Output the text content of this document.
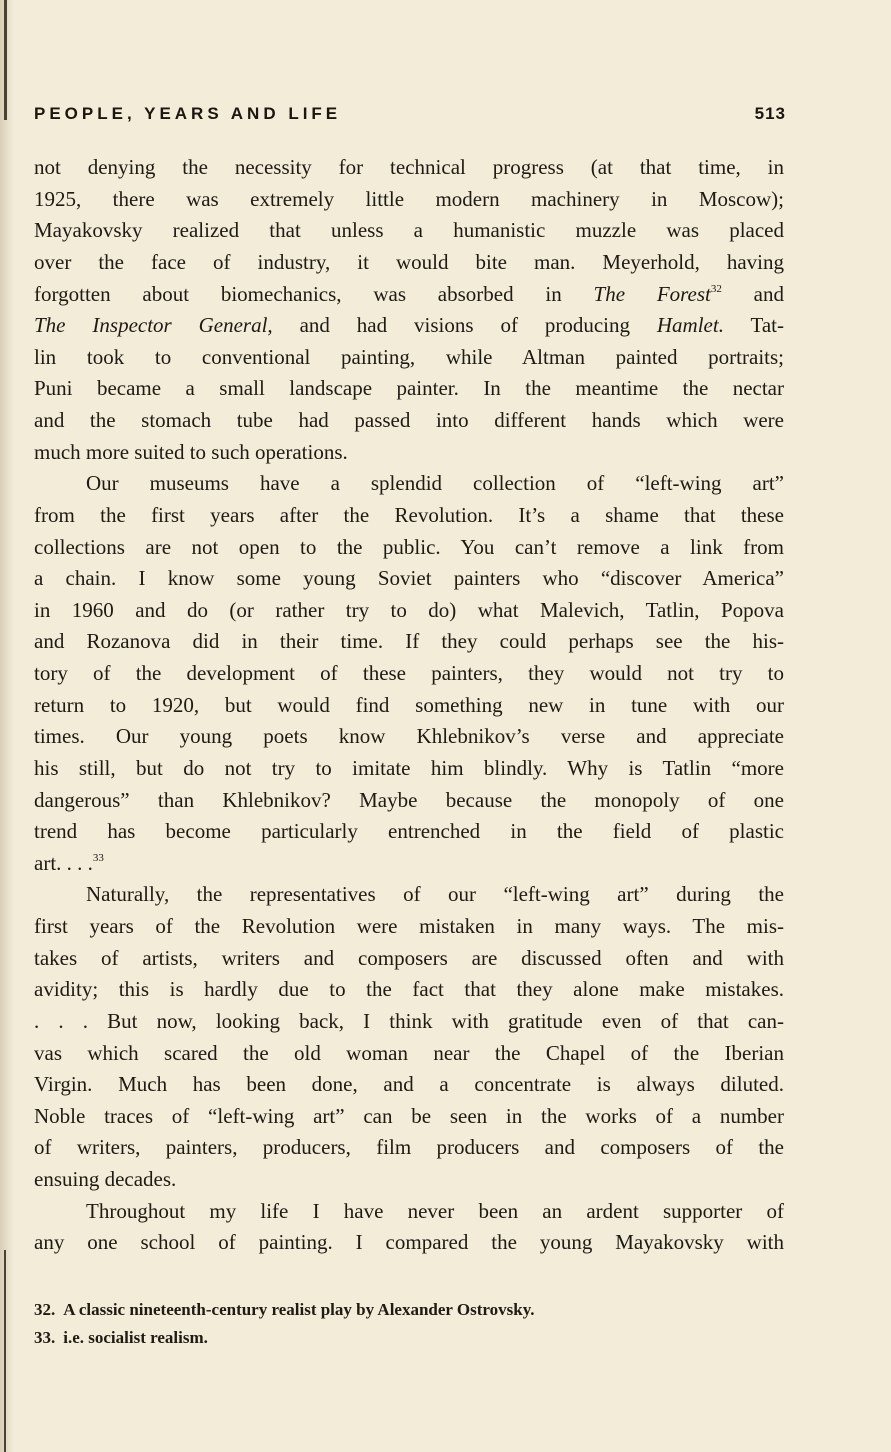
PEOPLE, YEARS AND LIFE	513
not denying the necessity for technical progress (at that time, in
1925, there was extremely little modern machinery in Moscow);
Mayakovsky realized that unless a humanistic muzzle was placed
over the face of industry, it would bite man. Meyerhold, having
forgotten about biomechanics, was absorbed in The Forest$^{32}$ and
The Inspector General, and had visions of producing Hamlet. Tat-
lin took to conventional painting, while Altman painted portraits;
Puni became a small landscape painter. In the meantime the nectar
and the stomach tube had passed into different hands which were
much more suited to such operations.
Our museums have a splendid collection of “left-wing art”
from the first years after the Revolution. It’s a shame that these
collections are not open to the public. You can’t remove a link from
a chain. I know some young Soviet painters who “discover America”
in 1960 and do (or rather try to do) what Malevich, Tatlin, Popova
and Rozanova did in their time. If they could perhaps see the his-
tory of the development of these painters, they would not try to
return to 1920, but would find something new in tune with our
times. Our young poets know Khlebnikov’s verse and appreciate
his still, but do not try to imitate him blindly. Why is Tatlin “more
dangerous” than Khlebnikov? Maybe because the monopoly of one
trend has become particularly entrenched in the field of plastic
art. . . .$^{33}$
Naturally, the representatives of our “left-wing art” during the
first years of the Revolution were mistaken in many ways. The mis-
takes of artists, writers and composers are discussed often and with
avidity; this is hardly due to the fact that they alone make mistakes.
. . . But now, looking back, I think with gratitude even of that can-
vas which scared the old woman near the Chapel of the Iberian
Virgin. Much has been done, and a concentrate is always diluted.
Noble traces of “left-wing art” can be seen in the works of a number
of writers, painters, producers, film producers and composers of the
ensuing decades.
Throughout my life I have never been an ardent supporter of
any one school of painting. I compared the young Mayakovsky with
32. A classic nineteenth-century realist play by Alexander Ostrovsky.
33. i.e. socialist realism.
